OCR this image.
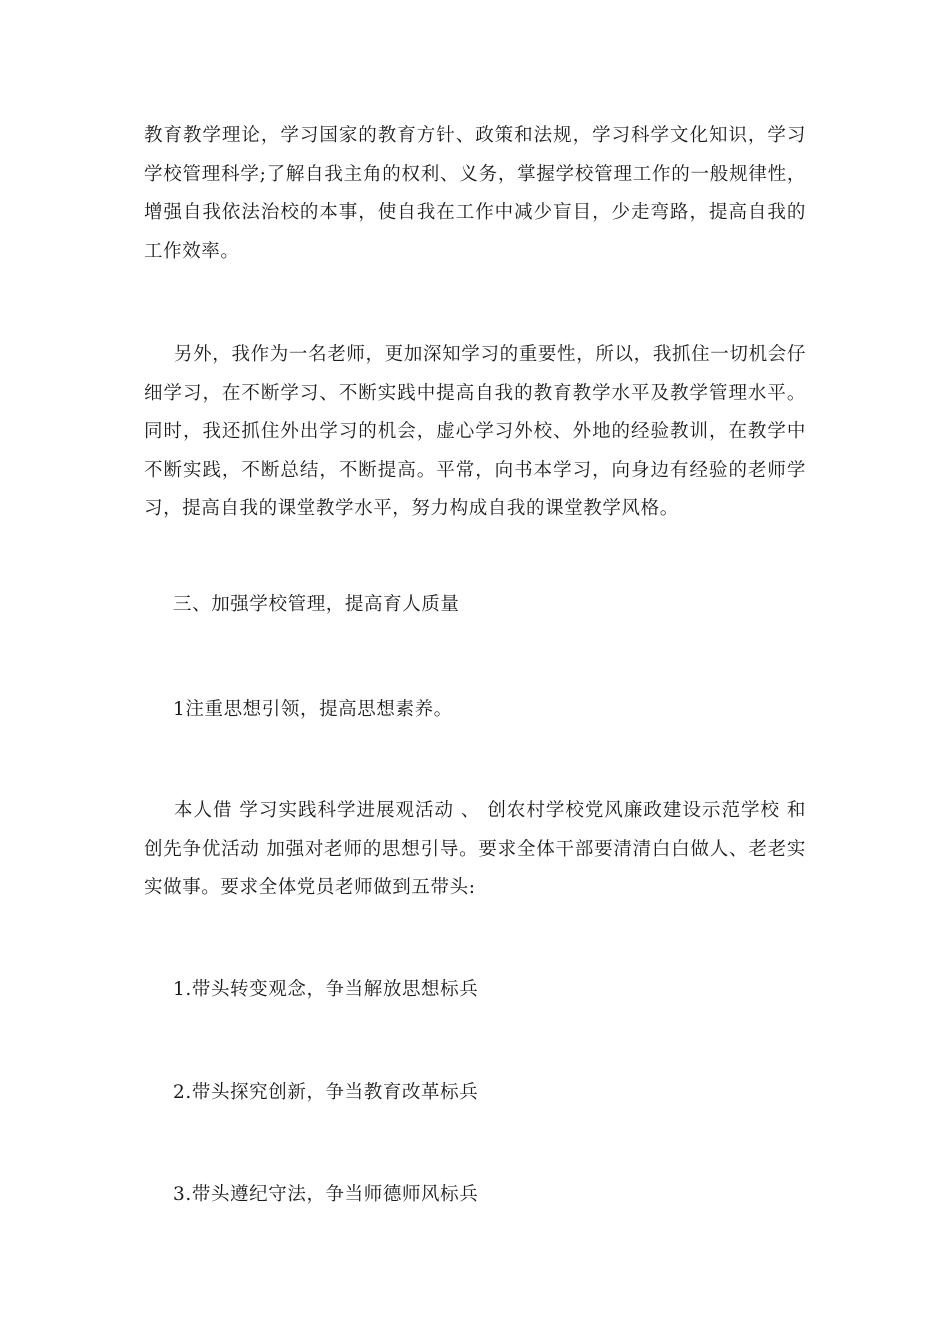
教育教学理论，学习国家的教育方针、政策和法规，学习科学文化知识，学习学校管理科学;了解自我主角的权利、义务，掌握学校管理工作的一般规律性，增强自我依法治校的本事，使自我在工作中减少盲目，少走弯路，提高自我的工作效率。

另外，我作为一名老师，更加深知学习的重要性，所以，我抓住一切机会仔细学习，在不断学习、不断实践中提高自我的教育教学水平及教学管理水平。同时，我还抓住外出学习的机会，虚心学习外校、外地的经验教训，在教学中不断实践，不断总结，不断提高。平常，向书本学习，向身边有经验的老师学习，提高自我的课堂教学水平，努力构成自我的课堂教学风格。

三、加强学校管理，提高育人质量

1注重思想引领，提高思想素养。

本人借 学习实践科学进展观活动 、 创农村学校党风廉政建设示范学校 和创先争优活动 加强对老师的思想引导。要求全体干部要清清白白做人、老老实实做事。要求全体党员老师做到五带头:

1.带头转变观念，争当解放思想标兵

2.带头探究创新，争当教育改革标兵

3.带头遵纪守法，争当师德师风标兵
